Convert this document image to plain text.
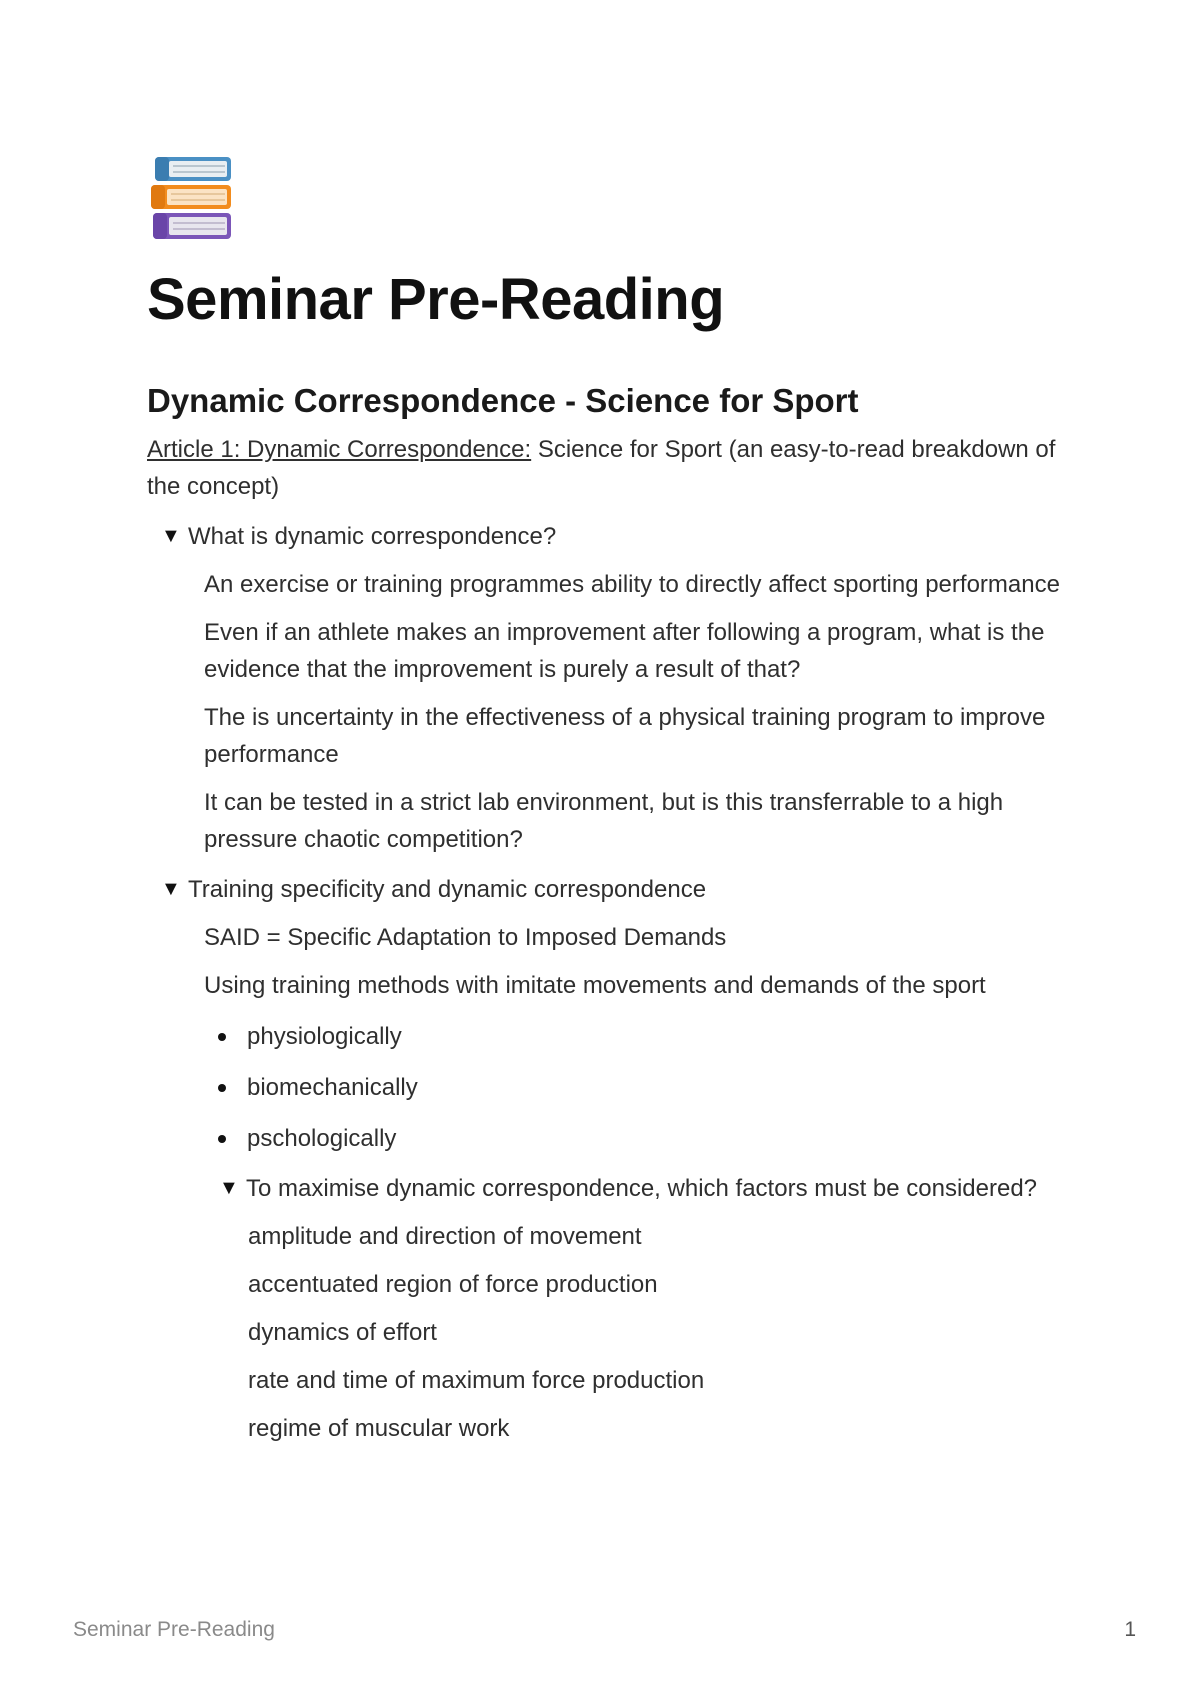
Seminar Pre-Reading
Dynamic Correspondence - Science for Sport
Article 1: Dynamic Correspondence: Science for Sport (an easy-to-read breakdown of the concept)
▼ What is dynamic correspondence?
An exercise or training programmes ability to directly affect sporting performance
Even if an athlete makes an improvement after following a program, what is the evidence that the improvement is purely a result of that?
The is uncertainty in the effectiveness of a physical training program to improve performance
It can be tested in a strict lab environment, but is this transferrable to a high pressure chaotic competition?
▼ Training specificity and dynamic correspondence
SAID = Specific Adaptation to Imposed Demands
Using training methods with imitate movements and demands of the sport
physiologically
biomechanically
pschologically
▼ To maximise dynamic correspondence, which factors must be considered?
amplitude and direction of movement
accentuated region of force production
dynamics of effort
rate and time of maximum force production
regime of muscular work
Seminar Pre-Reading	1
